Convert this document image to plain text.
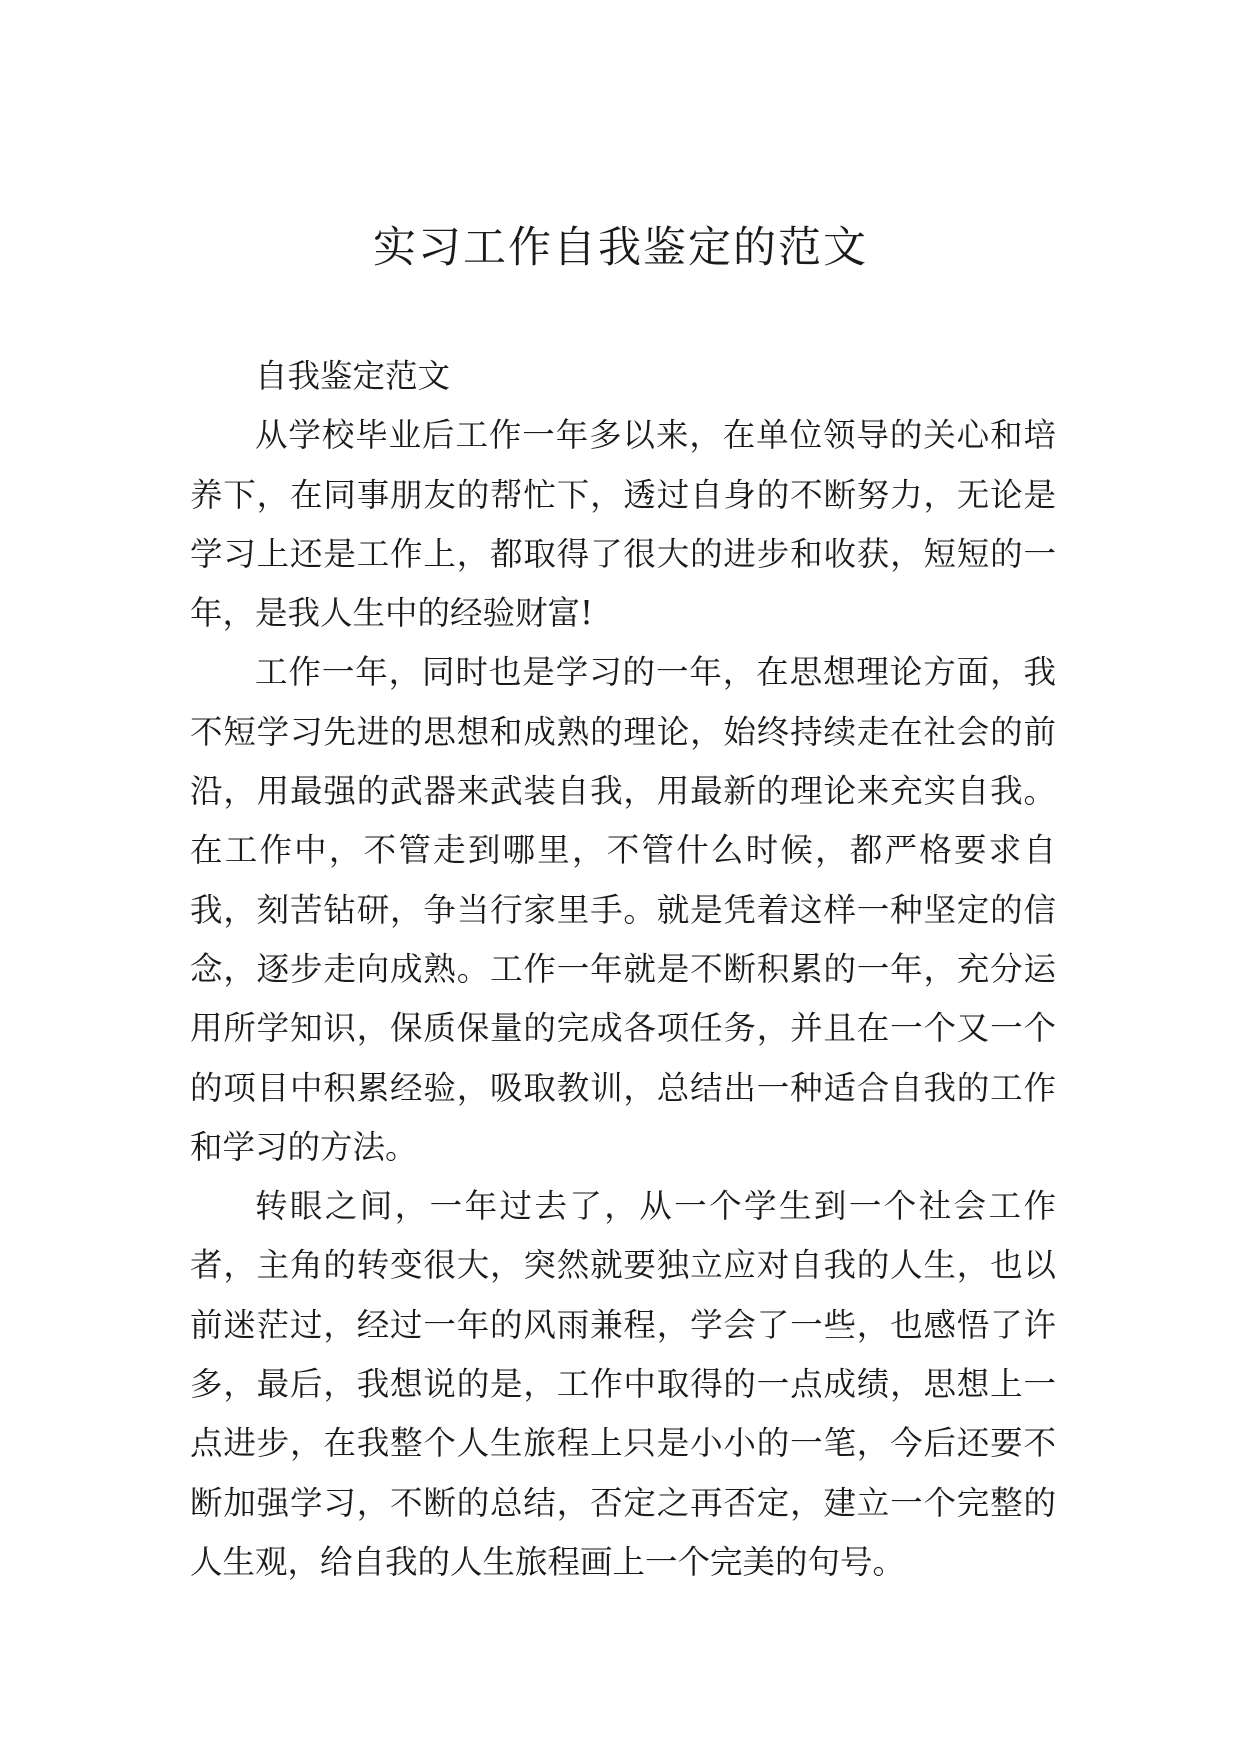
实习工作自我鉴定的范文

自我鉴定范文

从学校毕业后工作一年多以来，在单位领导的关心和培养下，在同事朋友的帮忙下，透过自身的不断努力，无论是学习上还是工作上，都取得了很大的进步和收获，短短的一年，是我人生中的经验财富!

工作一年，同时也是学习的一年，在思想理论方面，我不短学习先进的思想和成熟的理论，始终持续走在社会的前沿，用最强的武器来武装自我，用最新的理论来充实自我。在工作中，不管走到哪里，不管什么时候，都严格要求自我，刻苦钻研，争当行家里手。就是凭着这样一种坚定的信念，逐步走向成熟。工作一年就是不断积累的一年，充分运用所学知识，保质保量的完成各项任务，并且在一个又一个的项目中积累经验，吸取教训，总结出一种适合自我的工作和学习的方法。

转眼之间，一年过去了，从一个学生到一个社会工作者，主角的转变很大，突然就要独立应对自我的人生，也以前迷茫过，经过一年的风雨兼程，学会了一些，也感悟了许多，最后，我想说的是，工作中取得的一点成绩，思想上一点进步，在我整个人生旅程上只是小小的一笔，今后还要不断加强学习，不断的总结，否定之再否定，建立一个完整的人生观，给自我的人生旅程画上一个完美的句号。
